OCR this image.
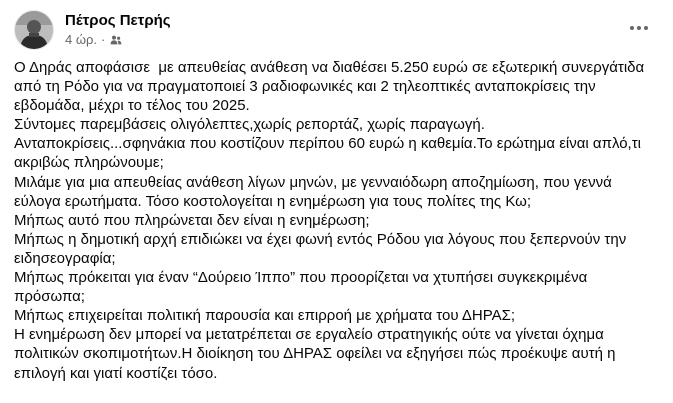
Πέτρος Πετρής
4 ώρ. ·
Ο Δηράς αποφάσισε  με απευθείας ανάθεση να διαθέσει 5.250 ευρώ σε εξωτερική συνεργάτιδα
από τη Ρόδο για να πραγματοποιεί 3 ραδιοφωνικές και 2 τηλεοπτικές ανταποκρίσεις την
εβδομάδα, μέχρι το τέλος του 2025.
Σύντομες παρεμβάσεις ολιγόλεπτες,χωρίς ρεπορτάζ, χωρίς παραγωγή.
Ανταποκρίσεις...σφηνάκια που κοστίζουν περίπου 60 ευρώ η καθεμία.Το ερώτημα είναι απλό,τι
ακριβώς πληρώνουμε;
Μιλάμε για μια απευθείας ανάθεση λίγων μηνών, με γενναιόδωρη αποζημίωση, που γεννά
εύλογα ερωτήματα. Τόσο κοστολογείται η ενημέρωση για τους πολίτες της Κω;
Μήπως αυτό που πληρώνεται δεν είναι η ενημέρωση;
Μήπως η δημοτική αρχή επιδιώκει να έχει φωνή εντός Ρόδου για λόγους που ξεπερνούν την
ειδησεογραφία;
Μήπως πρόκειται για έναν “Δούρειο Ίππο” που προορίζεται να χτυπήσει συγκεκριμένα
πρόσωπα;
Μήπως επιχειρείται πολιτική παρουσία και επιρροή με χρήματα του ΔΗΡΑΣ;
Η ενημέρωση δεν μπορεί να μετατρέπεται σε εργαλείο στρατηγικής ούτε να γίνεται όχημα
πολιτικών σκοπιμοτήτων.Η διοίκηση του ΔΗΡΑΣ οφείλει να εξηγήσει πώς προέκυψε αυτή η
επιλογή και γιατί κοστίζει τόσο.
